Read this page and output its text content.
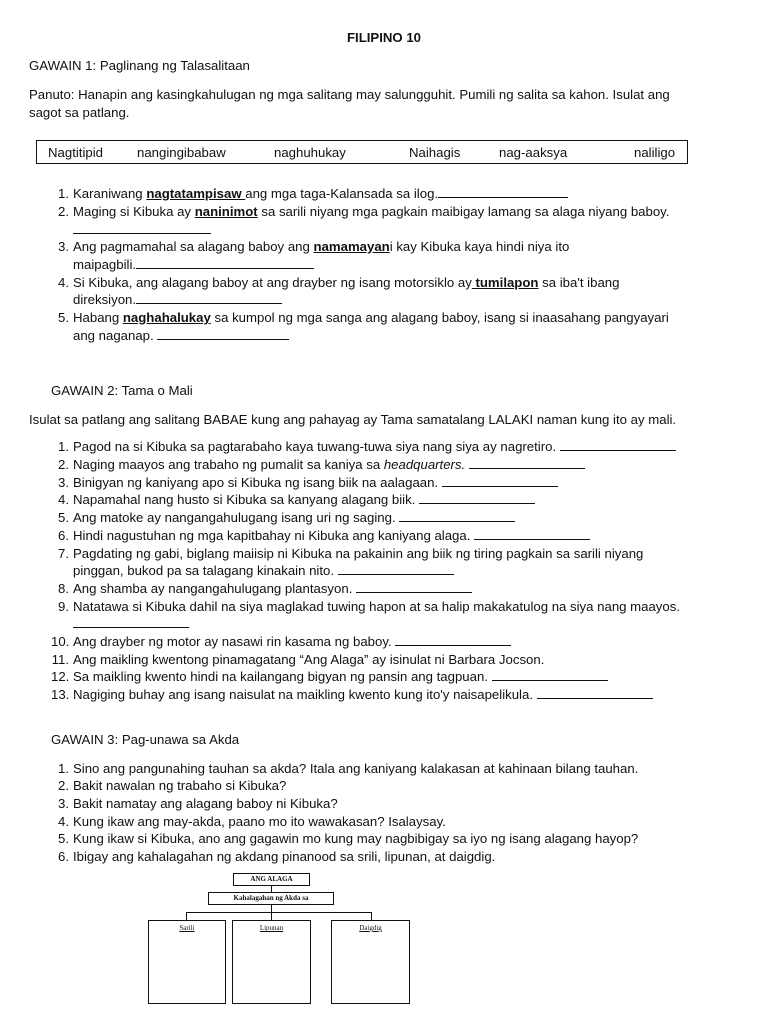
FILIPINO 10
GAWAIN 1: Paglinang ng Talasalitaan
Panuto: Hanapin ang kasingkahulugan ng mga salitang may salungguhit. Pumili ng salita sa kahon. Isulat ang
sagot sa patlang.
Nagtitipid	nangingibabaw	naghuhukay	Naihagis	nag-aaksya	naliligo
1. Karaniwang nagtatampisaw ang mga taga-Kalansada sa ilog.
2. Maging si Kibuka ay naninimot sa sarili niyang mga pagkain maibigay lamang sa alaga niyang baboy.
3. Ang pagmamahal sa alagang baboy ang namamayani kay Kibuka kaya hindi niya ito
maipagbili.
4. Si Kibuka, ang alagang baboy at ang drayber ng isang motorsiklo ay tumilapon sa iba't ibang
direksiyon.
5. Habang naghahalukay sa kumpol ng mga sanga ang alagang baboy, isang si inaasahang pangyayari
ang naganap.
GAWAIN 2: Tama o Mali
Isulat sa patlang ang salitang BABAE kung ang pahayag ay Tama samatalang LALAKI naman kung ito ay mali.
1. Pagod na si Kibuka sa pagtarabaho kaya tuwang-tuwa siya nang siya ay nagretiro.
2. Naging maayos ang trabaho ng pumalit sa kaniya sa headquarters.
3. Binigyan ng kaniyang apo si Kibuka ng isang biik na aalagaan.
4. Napamahal nang husto si Kibuka sa kanyang alagang biik.
5. Ang matoke ay nangangahulugang isang uri ng saging.
6. Hindi nagustuhan ng mga kapitbahay ni Kibuka ang kaniyang alaga.
7. Pagdating ng gabi, biglang maiisip ni Kibuka na pakainin ang biik ng tiring pagkain sa sarili niyang
pinggan, bukod pa sa talagang kinakain nito.
8. Ang shamba ay nangangahulugang plantasyon.
9. Natatawa si Kibuka dahil na siya maglakad tuwing hapon at sa halip makakatulog na siya nang maayos.
10. Ang drayber ng motor ay nasawi rin kasama ng baboy.
11. Ang maikling kwentong pinamagatang “Ang Alaga” ay isinulat ni Barbara Jocson.
12. Sa maikling kwento hindi na kailangang bigyan ng pansin ang tagpuan.
13. Nagiging buhay ang isang naisulat na maikling kwento kung ito'y naisapelikula.
GAWAIN 3: Pag-unawa sa Akda
1. Sino ang pangunahing tauhan sa akda? Itala ang kaniyang kalakasan at kahinaan bilang tauhan.
2. Bakit nawalan ng trabaho si Kibuka?
3. Bakit namatay ang alagang baboy ni Kibuka?
4. Kung ikaw ang may-akda, paano mo ito wawakasan? Isalaysay.
5. Kung ikaw si Kibuka, ano ang gagawin mo kung may nagbibigay sa iyo ng isang alagang hayop?
6. Ibigay ang kahalagahan ng akdang pinanood sa srili, lipunan, at daigdig.
ANG ALAGA
Kahalagahan ng Akda sa
Sarili	Lipunan	Daigdig
